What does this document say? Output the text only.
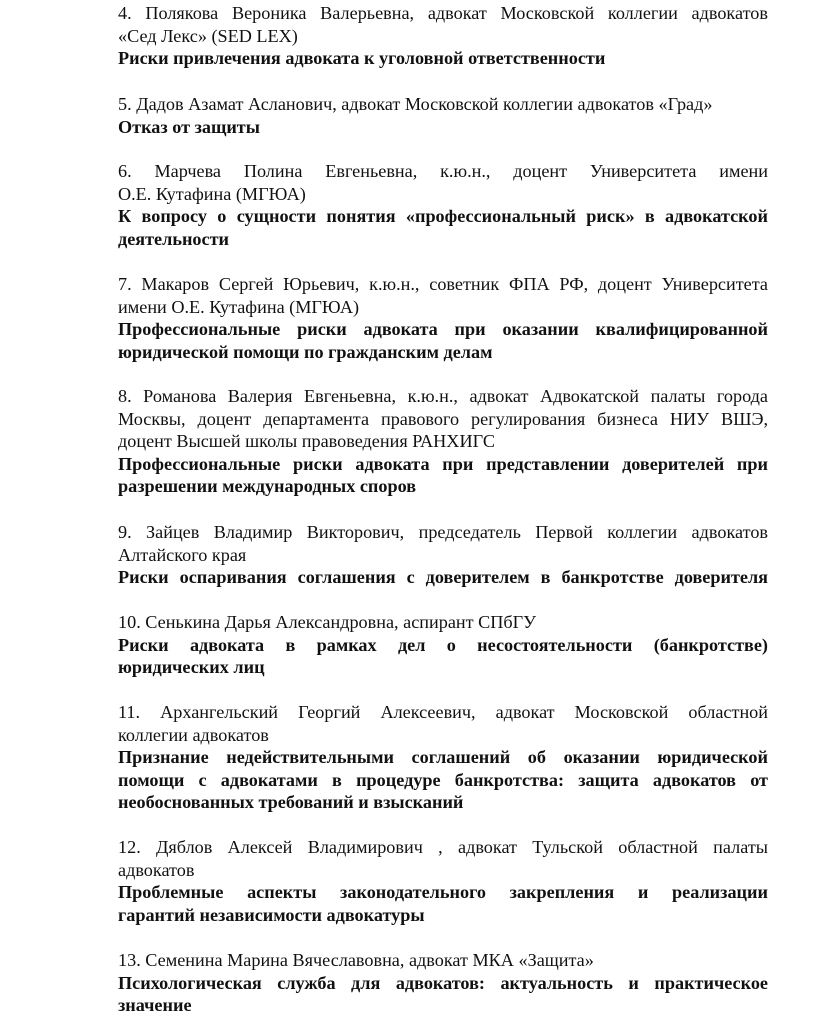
4. Полякова Вероника Валерьевна, адвокат Московской коллегии адвокатов
«Сед Лекс» (SED LEX)
Риски привлечения адвоката к уголовной ответственности
5. Дадов Азамат Асланович, адвокат Московской коллегии адвокатов «Град»
Отказ от защиты
6. Марчева Полина Евгеньевна, к.ю.н., доцент Университета имени
О.Е. Кутафина (МГЮА)
К вопросу о сущности понятия «профессиональный риск» в адвокатской
деятельности
7. Макаров Сергей Юрьевич, к.ю.н., советник ФПА РФ, доцент Университета
имени О.Е. Кутафина (МГЮА)
Профессиональные риски адвоката при оказании квалифицированной
юридической помощи по гражданским делам
8. Романова Валерия Евгеньевна, к.ю.н., адвокат Адвокатской палаты города
Москвы, доцент департамента правового регулирования бизнеса НИУ ВШЭ,
доцент Высшей школы правоведения РАНХИГС
Профессиональные риски адвоката при представлении доверителей при
разрешении международных споров
9. Зайцев Владимир Викторович, председатель Первой коллегии адвокатов
Алтайского края
Риски оспаривания соглашения с доверителем в банкротстве доверителя
10. Сенькина Дарья Александровна, аспирант СПбГУ
Риски адвоката в рамках дел о несостоятельности (банкротстве)
юридических лиц
11. Архангельский Георгий Алексеевич, адвокат Московской областной
коллегии адвокатов
Признание недействительными соглашений об оказании юридической
помощи с адвокатами в процедуре банкротства: защита адвокатов от
необоснованных требований и взысканий
12. Дяблов Алексей Владимирович , адвокат Тульской областной палаты
адвокатов
Проблемные аспекты законодательного закрепления и реализации
гарантий независимости адвокатуры
13. Семенина Марина Вячеславовна, адвокат МКА «Защита»
Психологическая служба для адвокатов: актуальность и практическое
значение
